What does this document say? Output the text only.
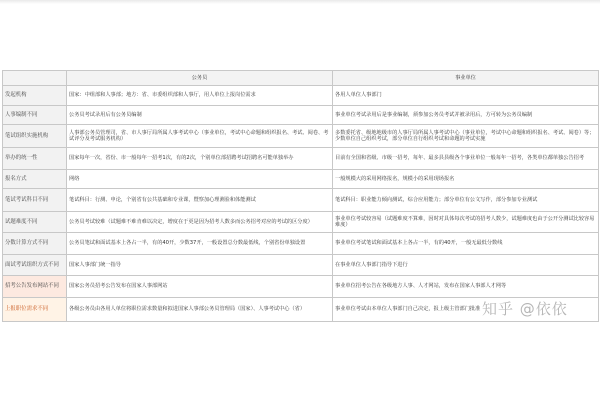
	公务员	事业单位
发起机构	国家：中组部和人事部；地方：省、市委组织部和人事厅，用人单位上报岗位需求	各用人单位人事部门
人事编制不同	公务员考试录用后有公务员编制	事业单位考试录用后是事业编制，须参加公务员考试并被录用后，方可转为公务员编制
笔试组织实施机构	人事部公务员管理司，省、市人事厅局所属人事考试中心（事业单位，考试中心命题和组织报名、考试、阅卷、考试评分及考试服务机构）	多数委托省、级地地级市的人事厅局所属人事考试中心（事业单位，考试中心命题和组织报名、考试、阅卷）等；少数单位自己组织考试，部分单位自行组织考试和命题的考试实施
举办的统一性	国家每年一次，省份、市一般每年一招考1次，有的2次，个别单位部招聘考试招聘名可能单独举办	目前有全国和省级、市级一招考，每年、最多县县级各个事业单位一般每年一招考，各类单位都单独公告招考
报名方式	网络	一般规模大的采用网络报名，规模小的采用现场报名
笔试考试科目不同	笔试科目：行测、申论，个别省有公共基础和专业课，暨察加心理测验和体能测试	笔试科目：职业能力倾向测试，综合应用能力；部分单位有公文写作，部分参加专业测试
试题难度不同	公务员考试较难（试题难不难肯难以决定，增度在于更是因为招考人数多而公务招考对应的考试的区分度）	事业单位考试较容易（试题难度不算难，因时对具体每次考试的招考人数少，试题难度也由于公开分测试比较容易难度）
分数计算方式不同	公务员笔试和面试基本上各占一半，有的40开，少数37开，一般设置总分数最低线，个别省份单独设置	事业单位考试笔试和面试基本上各占一半，有的40开，一般无最低分数线
面试考试组织方式不同	国家人事部门统一指导	在事业单位人事部门指导下进行
招考公告发布网站不同	国家公务员招考公告发布在国家人事部网站	事业单位招考公告在各级地方人事、人才网站，发布在国家人事部人才网等
上报职位需求不同	各级公务员由各用人单位将职位需求数量和拟进国家人事部公务员管理局（国家）、人事考试中心（省）	事业单位考试由本单位人事部门自己决定，报上级主管部门批准 知乎 @依依
